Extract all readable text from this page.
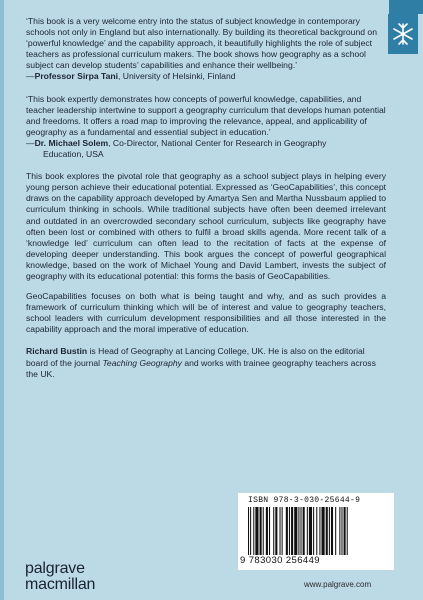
‘This book is a very welcome entry into the status of subject knowledge in contemporary schools not only in England but also internationally. By building its theoretical background on ‘powerful knowledge’ and the capability approach, it beautifully highlights the role of subject teachers as professional curriculum makers. The book shows how geography as a school subject can develop students’ capabilities and enhance their wellbeing.’

—Professor Sirpa Tani, University of Helsinki, Finland

‘This book expertly demonstrates how concepts of powerful knowledge, capabilities, and teacher leadership intertwine to support a geography curriculum that develops human potential and freedoms. It offers a road map to improving the relevance, appeal, and applicability of geography as a fundamental and essential subject in education.’

—Dr. Michael Solem, Co-Director, National Center for Research in Geography

Education, USA

This book explores the pivotal role that geography as a school subject plays in helping every young person achieve their educational potential. Expressed as ‘GeoCapabilities’, this concept draws on the capability approach developed by Amartya Sen and Martha Nussbaum applied to curriculum thinking in schools. While traditional subjects have often been deemed irrelevant and outdated in an overcrowded secondary school curriculum, subjects like geography have often been lost or combined with others to fulfil a broad skills agenda. More recent talk of a ‘knowledge led’ curriculum can often lead to the recitation of facts at the expense of developing deeper understanding. This book argues the concept of powerful geographical knowledge, based on the work of Michael Young and David Lambert, invests the subject of geography with its educational potential: this forms the basis of GeoCapabilities.

GeoCapabilities focuses on both what is being taught and why, and as such provides a framework of curriculum thinking which will be of interest and value to geography teachers, school leaders with curriculum development responsibilities and all those interested in the capability approach and the moral imperative of education.

Richard Bustin is Head of Geography at Lancing College, UK. He is also on the editorial board of the journal Teaching Geography and works with trainee geography teachers across the UK.

ISBN 978-3-030-25644-9
9 783030 256449
palgrave
macmillan	www.palgrave.com
